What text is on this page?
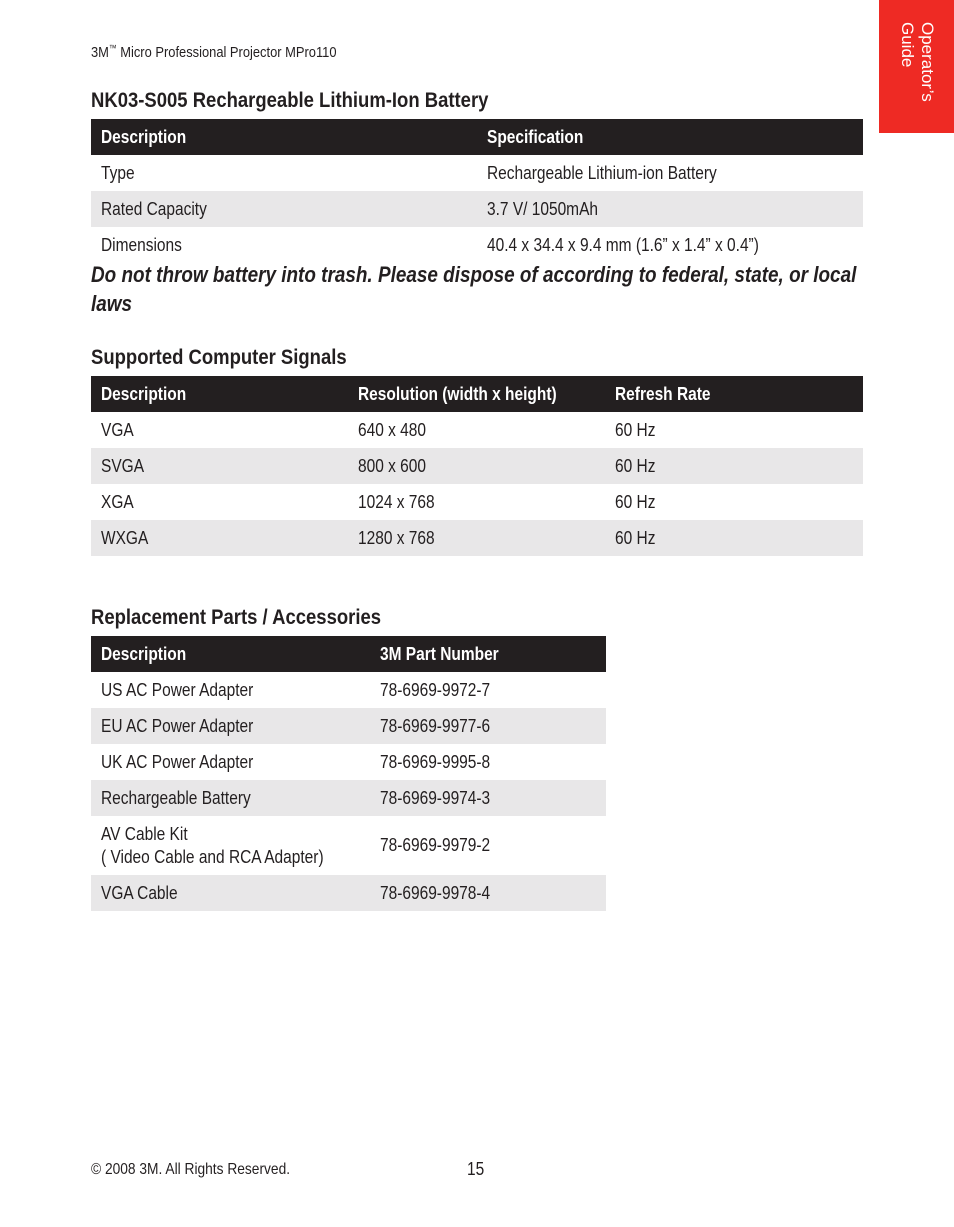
3M™ Micro Professional Projector MPro110	Operator’s
Guide
NK03-S005 Rechargeable Lithium-Ion Battery
Description	Specification
Type	Rechargeable Lithium-ion Battery
Rated Capacity	3.7 V/ 1050mAh
Dimensions	40.4 x 34.4 x 9.4 mm (1.6” x 1.4” x 0.4”)
Do not throw battery into trash. Please dispose of according to federal, state, or local laws
Supported Computer Signals
Description	Resolution (width x height)	Refresh Rate
VGA	640 x 480	60 Hz
SVGA	800 x 600	60 Hz
XGA	1024 x 768	60 Hz
WXGA	1280 x 768	60 Hz
Replacement Parts / Accessories
Description	3M Part Number
US AC Power Adapter	78-6969-9972-7
EU AC Power Adapter	78-6969-9977-6
UK AC Power Adapter	78-6969-9995-8
Rechargeable Battery	78-6969-9974-3
AV Cable Kit
( Video Cable and RCA Adapter)	78-6969-9979-2
VGA Cable	78-6969-9978-4
© 2008 3M. All Rights Reserved.	15
